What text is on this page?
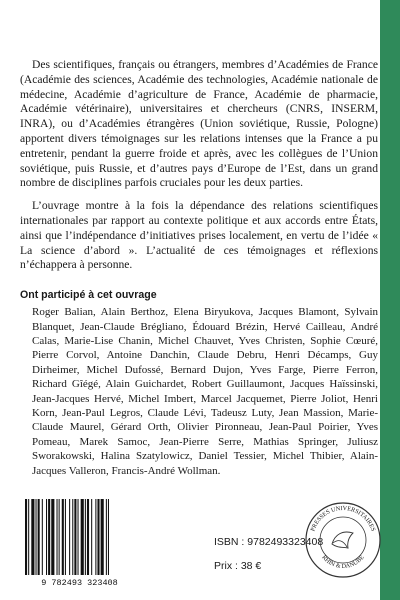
Des scientifiques, français ou étrangers, membres d’Académies de France (Académie des sciences, Académie des technologies, Académie nationale de médecine, Académie d’agriculture de France, Académie de pharmacie, Académie vétérinaire), universitaires et chercheurs (CNRS, INSERM, INRA), ou d’Académies étrangères (Union soviétique, Russie, Pologne) apportent divers témoignages sur les relations intenses que la France a pu entretenir, pendant la guerre froide et après, avec les collègues de l’Union soviétique, puis Russie, et d’autres pays d’Europe de l’Est, dans un grand nombre de disciplines parfois cruciales pour les deux parties.

L’ouvrage montre à la fois la dépendance des relations scientifiques internationales par rapport au contexte politique et aux accords entre États, ainsi que l’indépendance d’initiatives prises localement, en vertu de l’idée « La science d’abord ». L’actualité de ces témoignages et réflexions n’échappera à personne.

Ont participé à cet ouvrage

Roger Balian, Alain Berthoz, Elena Biryukova, Jacques Blamont, Sylvain Blanquet, Jean-Claude Brégliano, Édouard Brézin, Hervé Cailleau, André Calas, Marie-Lise Chanin, Michel Chauvet, Yves Christen, Sophie Cœuré, Pierre Corvol, Antoine Danchin, Claude Debru, Henri Décamps, Guy Dirheimer, Michel Dufossé, Bernard Dujon, Yves Farge, Pierre Ferron, Richard Gîégé, Alain Guichardet, Robert Guillaumont, Jacques Haïssinski, Jean-Jacques Hervé, Michel Imbert, Marcel Jacquemet, Pierre Joliot, Henri Korn, Jean-Paul Legros, Claude Lévi, Tadeusz Luty, Jean Massion, Marie-Claude Maurel, Gérard Orth, Olivier Pironneau, Jean-Paul Poirier, Yves Pomeau, Marek Samoc, Jean-Pierre Serre, Mathias Springer, Juliusz Sworakowski, Halina Szatylowicz, Daniel Tessier, Michel Thibier, Alain-Jacques Valleron, Francis-André Wollman.

9 782493 323408
ISBN : 9782493323408
Prix : 38 €
PRESSES UNIVERSITAIRES
RHIN & DANUBE
